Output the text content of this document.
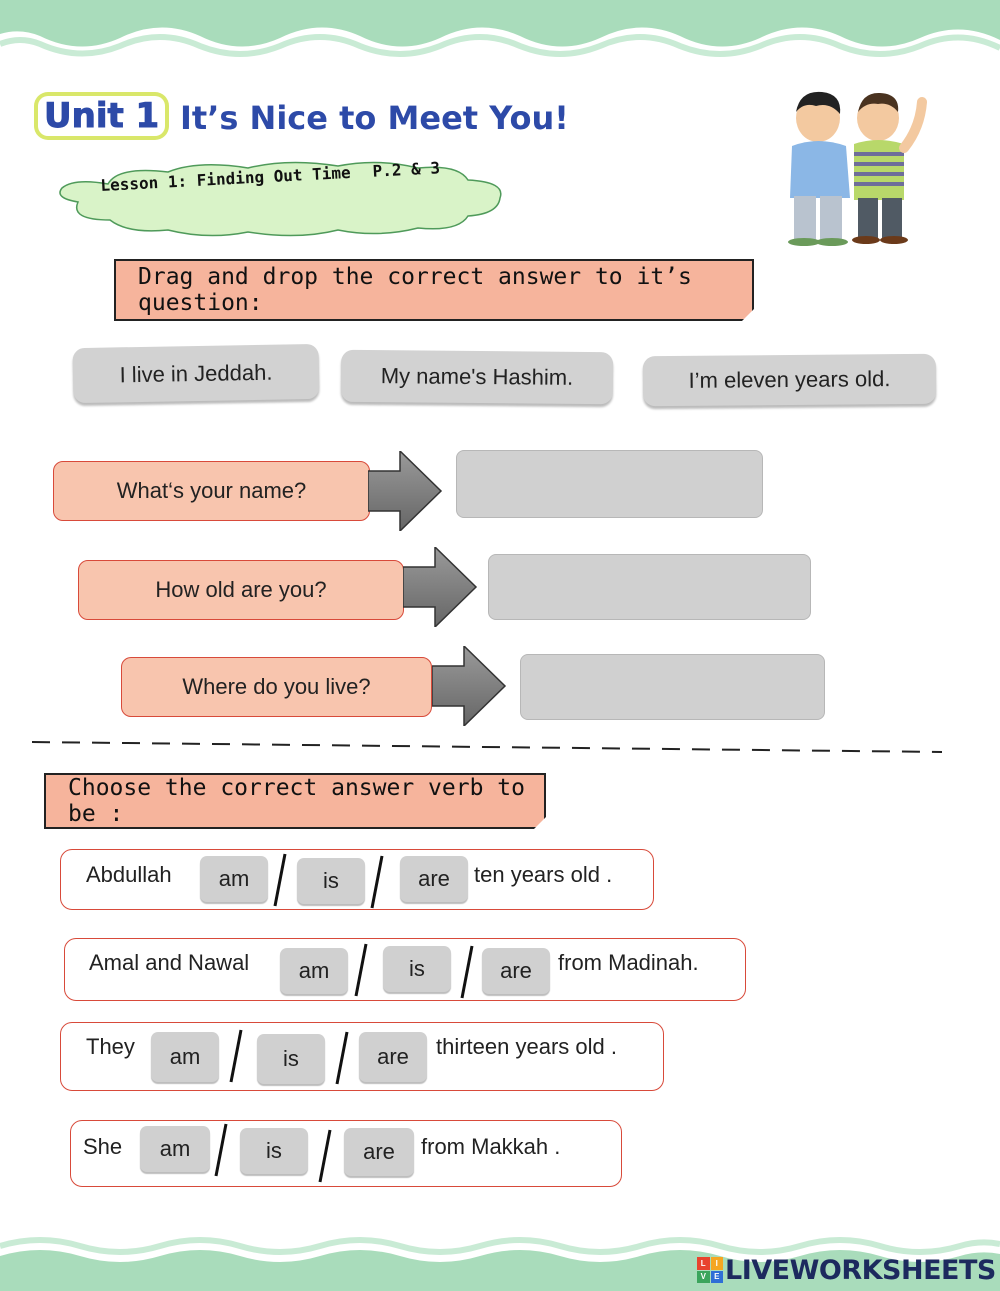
Unit 1 It’s Nice to Meet You!
Lesson 1: Finding Out Time P.2 & 3
Drag and drop the correct answer to it’s question:
I live in Jeddah.	My name's Hashim.	I’m eleven years old.
What‘s your name?
How old are you?
Where do you live?
Choose the correct answer verb to be :
Abdullah	am	is	are	ten years old .
Amal and Nawal	am	is	are	from Madinah.
They	am	is	are	thirteen years old .
She	am	is	are	from Makkah .
L	I
V	E LIVEWORKSHEETS
